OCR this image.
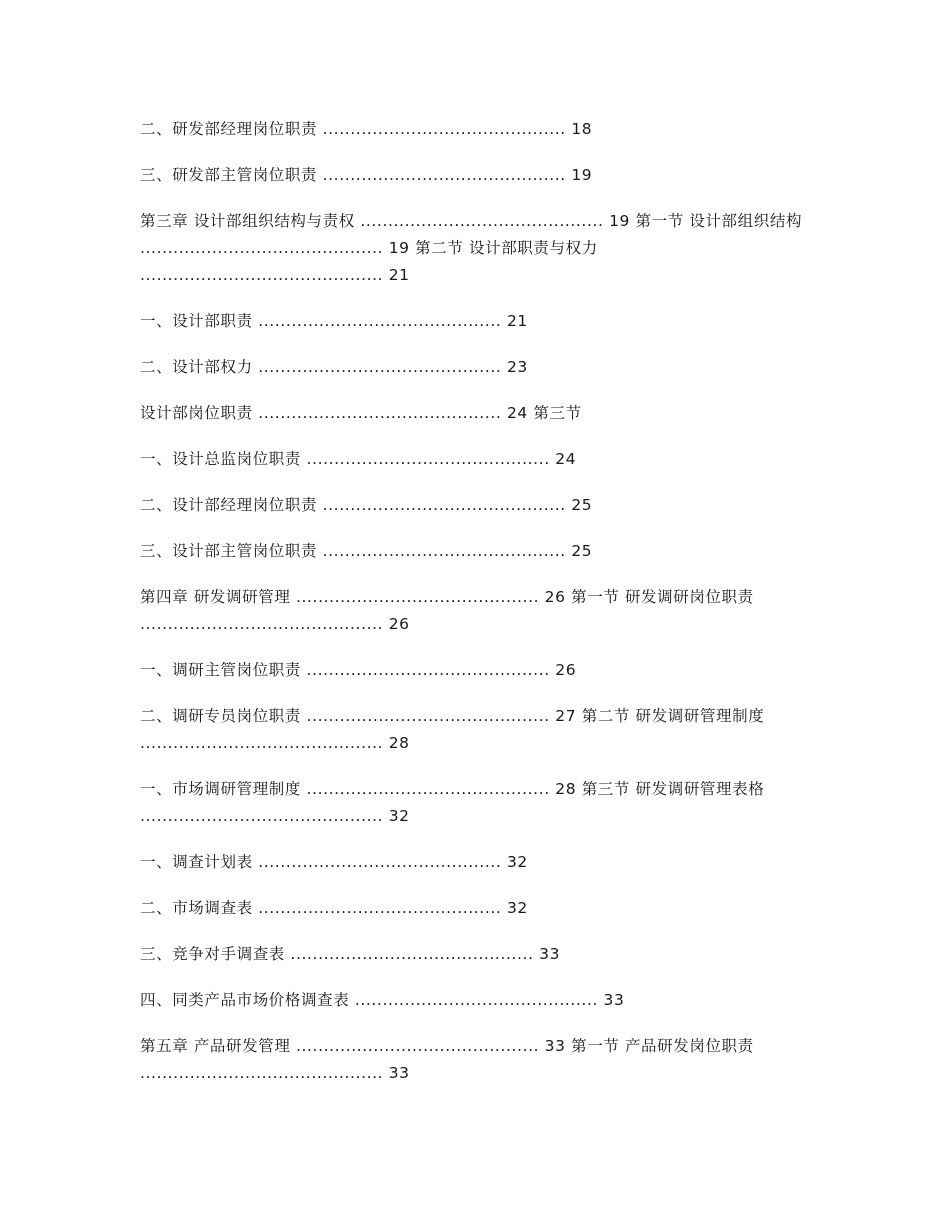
二、研发部经理岗位职责 ............................................ 18
三、研发部主管岗位职责 ............................................ 19
第三章 设计部组织结构与责权 ............................................ 19 第一节 设计部组织结构 ............................................ 19 第二节 设计部职责与权力 ............................................ 21
一、设计部职责 ............................................ 21
二、设计部权力 ............................................ 23
设计部岗位职责 ............................................ 24 第三节
一、设计总监岗位职责 ............................................ 24
二、设计部经理岗位职责 ............................................ 25
三、设计部主管岗位职责 ............................................ 25
第四章 研发调研管理 ............................................ 26 第一节 研发调研岗位职责 ............................................ 26
一、调研主管岗位职责 ............................................ 26
二、调研专员岗位职责 ............................................ 27 第二节 研发调研管理制度 ............................................ 28
一、市场调研管理制度 ............................................ 28 第三节 研发调研管理表格 ............................................ 32
一、调查计划表 ............................................ 32
二、市场调查表 ............................................ 32
三、竞争对手调查表 ............................................ 33
四、同类产品市场价格调查表 ............................................ 33
第五章 产品研发管理 ............................................ 33 第一节 产品研发岗位职责 ............................................ 33
